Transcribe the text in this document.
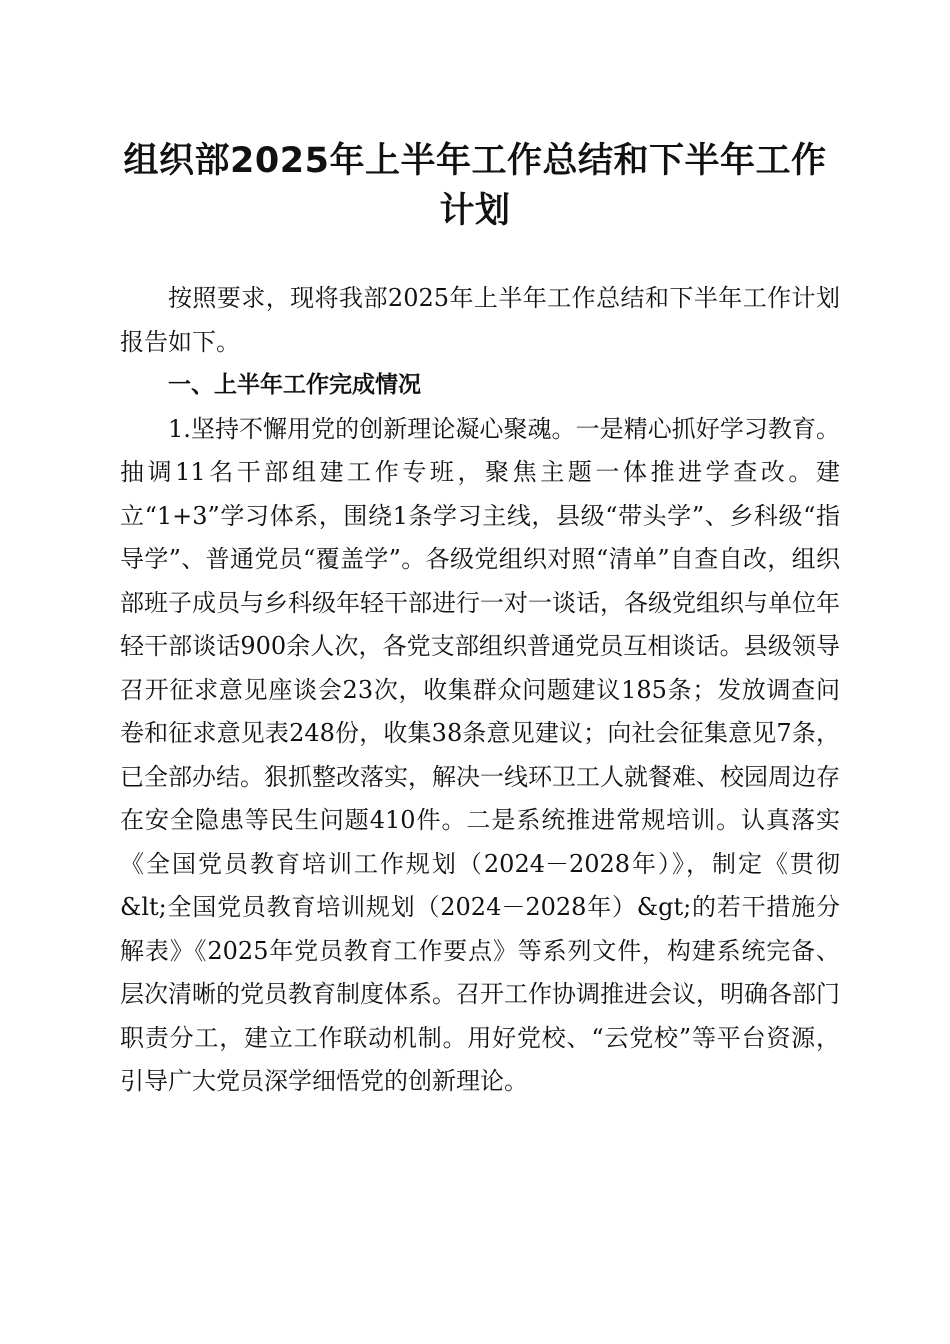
组织部2025年上半年工作总结和下半年工作
计划

按照要求，现将我部2025年上半年工作总结和下半年工作计划报告如下。

一、上半年工作完成情况

1.坚持不懈用党的创新理论凝心聚魂。一是精心抓好学习教育。抽调11名干部组建工作专班，聚焦主题一体推进学查改。建立“1+3”学习体系，围绕1条学习主线，县级“带头学”、乡科级“指导学”、普通党员“覆盖学”。各级党组织对照“清单”自查自改，组织部班子成员与乡科级年轻干部进行一对一谈话，各级党组织与单位年轻干部谈话900余人次，各党支部组织普通党员互相谈话。县级领导召开征求意见座谈会23次，收集群众问题建议185条；发放调查问卷和征求意见表248份，收集38条意见建议；向社会征集意见7条，已全部办结。狠抓整改落实，解决一线环卫工人就餐难、校园周边存在安全隐患等民生问题410件。二是系统推进常规培训。认真落实《全国党员教育培训工作规划（2024－2028年）》，制定《贯彻&lt;全国党员教育培训规划（2024－2028年）&gt;的若干措施分解表》《2025年党员教育工作要点》等系列文件，构建系统完备、层次清晰的党员教育制度体系。召开工作协调推进会议，明确各部门职责分工，建立工作联动机制。用好党校、“云党校”等平台资源，引导广大党员深学细悟党的创新理论。
